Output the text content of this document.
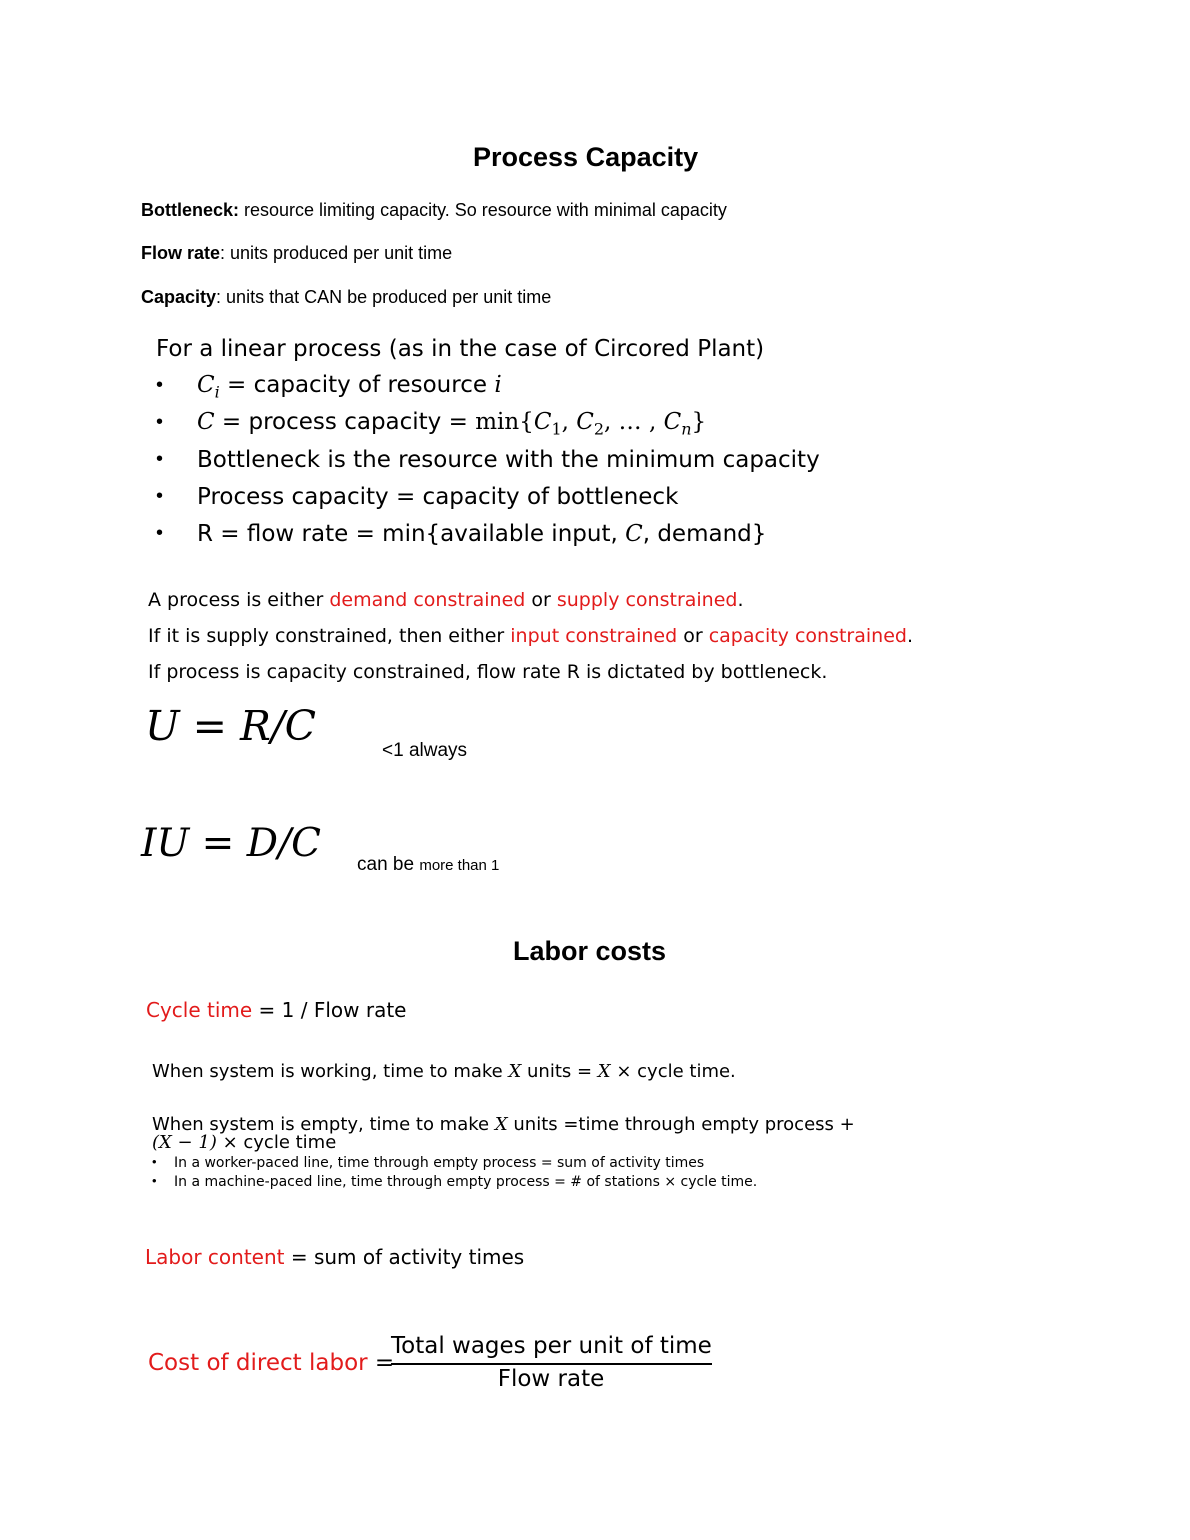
Process Capacity
Bottleneck: resource limiting capacity. So resource with minimal capacity
Flow rate: units produced per unit time
Capacity: units that CAN be produced per unit time
For a linear process (as in the case of Circored Plant)
• $C_i$ = capacity of resource i
• C = process capacity = $\min\{C_1$, $C_2$, … , $C_n$}
• Bottleneck is the resource with the minimum capacity
• Process capacity = capacity of bottleneck
• R = flow rate = min{available input, C, demand}
A process is either demand constrained or supply constrained.
If it is supply constrained, then either input constrained or capacity constrained.
If process is capacity constrained, flow rate R is dictated by bottleneck.
U = R/C
<1 always
IU = D/C can be more than 1
Labor costs
Cycle time = 1 / Flow rate
When system is working, time to make X units = X × cycle time.
When system is empty, time to make X units =time through empty process +
(X − 1) × cycle time
• In a worker-paced line, time through empty process = sum of activity times
• In a machine-paced line, time through empty process = # of stations × cycle time.
Labor content = sum of activity times
Cost of direct labor =
Total wages per unit of time
Flow rate
